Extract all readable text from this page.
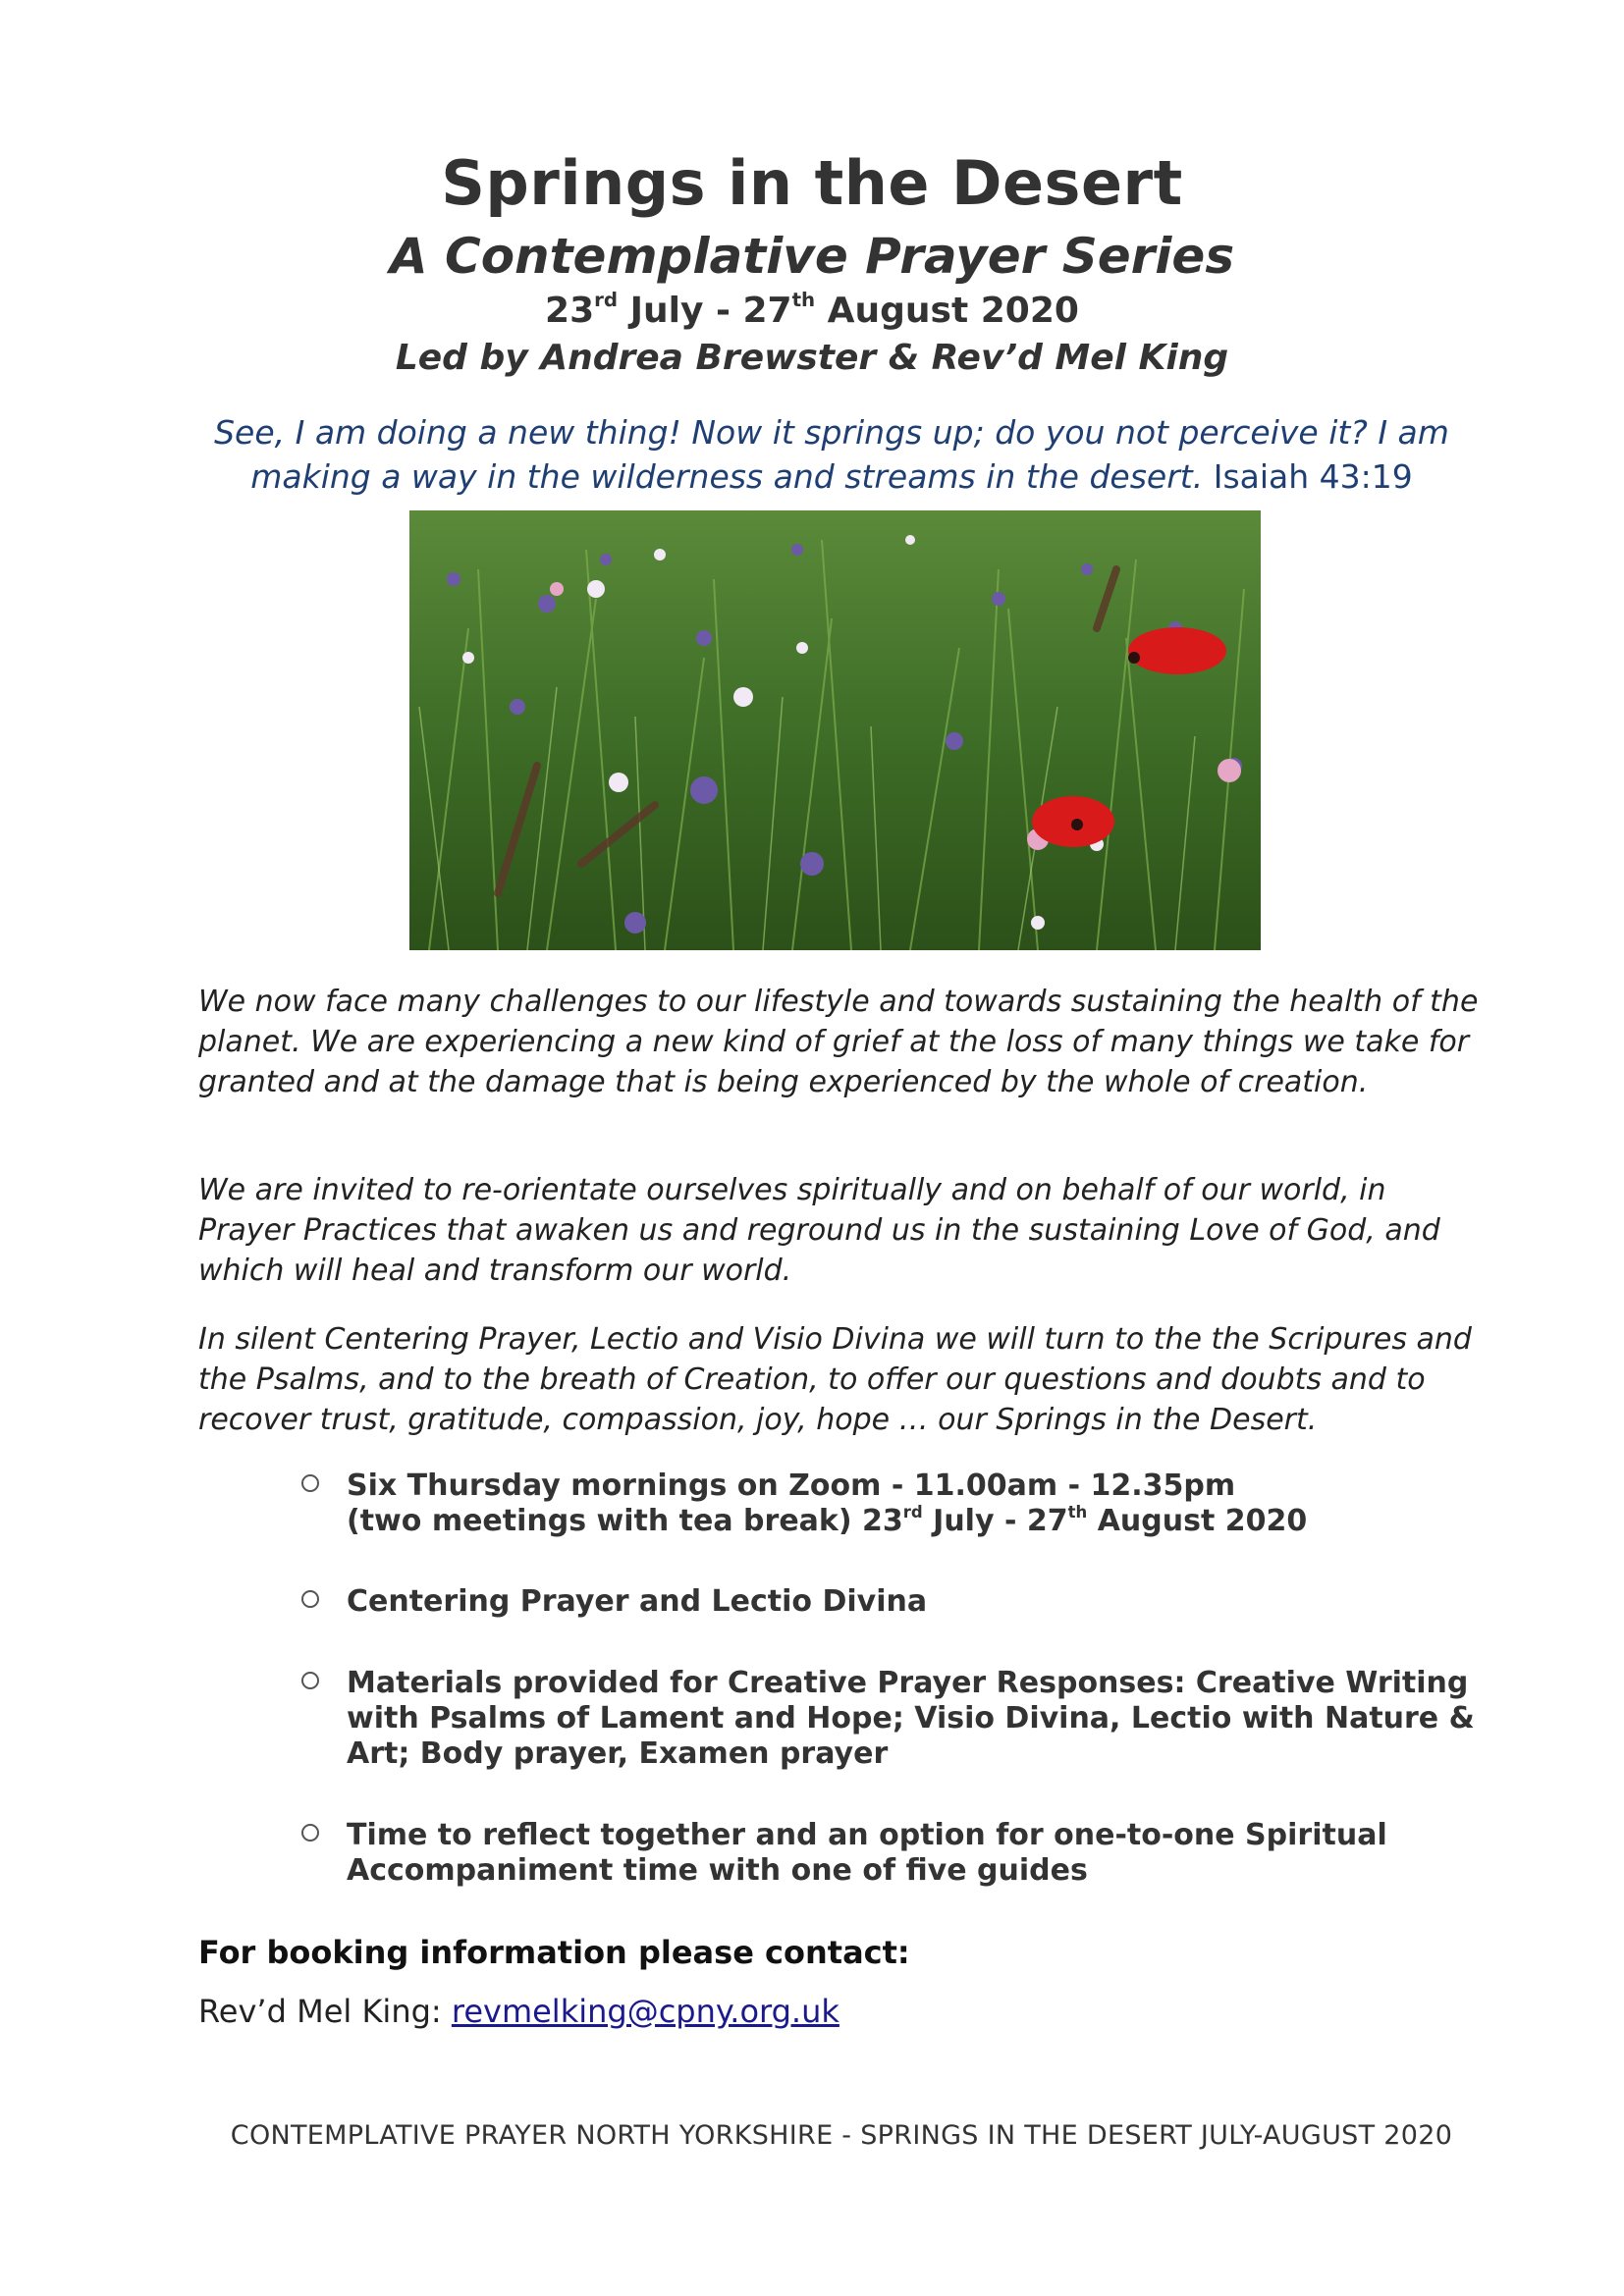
Springs in the Desert
A Contemplative Prayer Series
23rd July - 27th August 2020
Led by Andrea Brewster & Rev’d Mel King
See, I am doing a new thing! Now it springs up; do you not perceive it? I am making a way in the wilderness and streams in the desert. Isaiah 43:19
We now face many challenges to our lifestyle and towards sustaining the health of the planet. We are experiencing a new kind of grief at the loss of many things we take for granted and at the damage that is being experienced by the whole of creation.
We are invited to re-orientate ourselves spiritually and on behalf of our world, in Prayer Practices that awaken us and reground us in the sustaining Love of God, and which will heal and transform our world.
In silent Centering Prayer, Lectio and Visio Divina we will turn to the the Scripures and the Psalms, and to the breath of Creation, to offer our questions and doubts and to recover trust, gratitude, compassion, joy, hope … our Springs in the Desert.
Six Thursday mornings on Zoom - 11.00am - 12.35pm
(two meetings with tea break) 23rd July - 27th August 2020
Centering Prayer and Lectio Divina
Materials provided for Creative Prayer Responses: Creative Writing with Psalms of Lament and Hope; Visio Divina, Lectio with Nature & Art; Body prayer, Examen prayer
Time to reflect together and an option for one-to-one Spiritual Accompaniment time with one of five guides
For booking information please contact:
Rev’d Mel King: revmelking@cpny.org.uk
CONTEMPLATIVE PRAYER NORTH YORKSHIRE - SPRINGS IN THE DESERT JULY-AUGUST 2020
